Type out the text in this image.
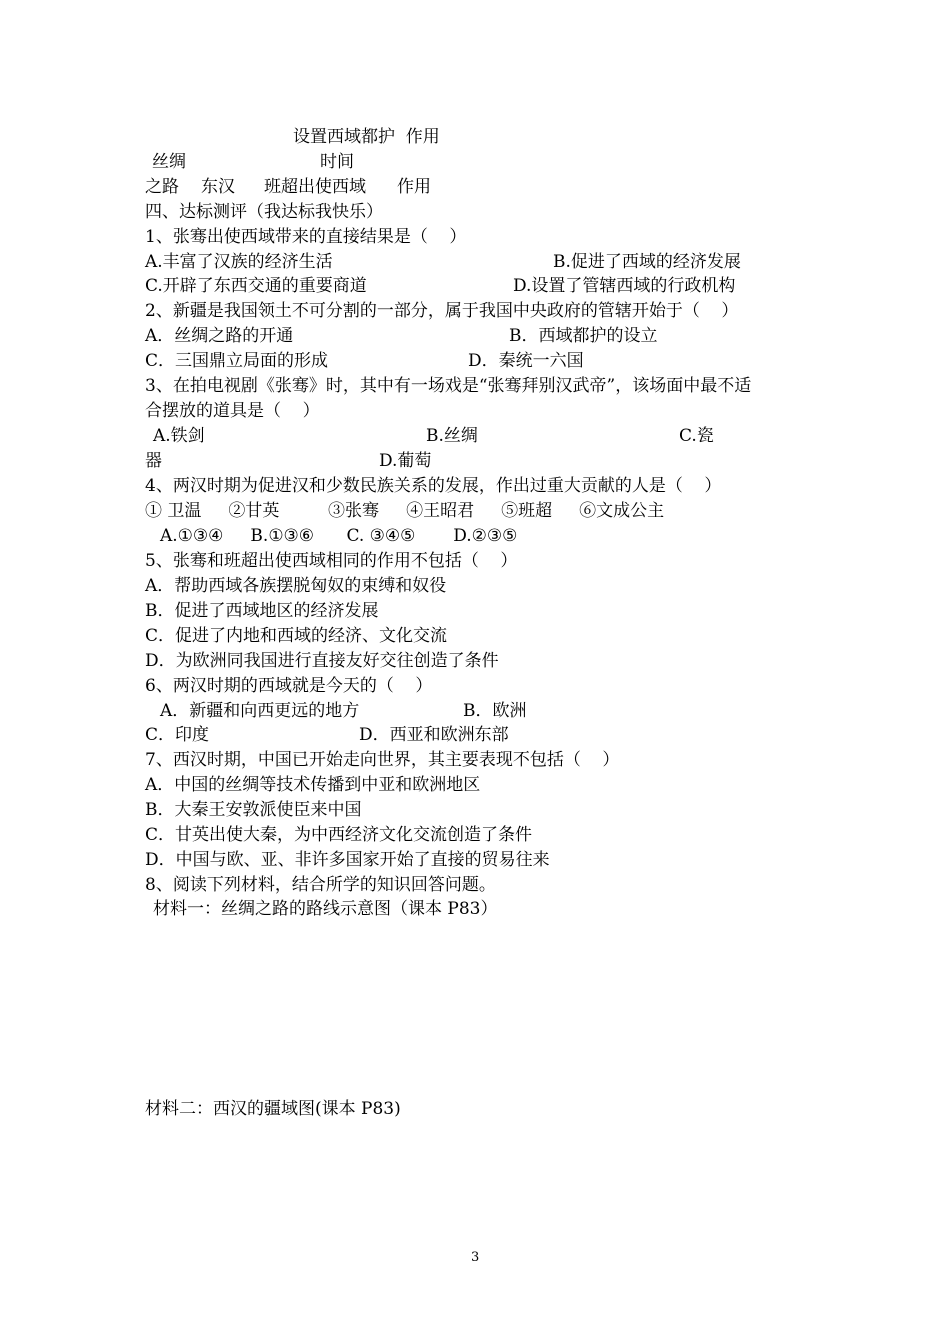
设置西域都护  作用
丝绸	时间
之路 东汉 班超出使西域 作用
四、达标测评（我达标我快乐）
1、张骞出使西域带来的直接结果是（    ）
A.丰富了汉族的经济生活	B.促进了西域的经济发展
C.开辟了东西交通的重要商道	D.设置了管辖西域的行政机构
2、新疆是我国领土不可分割的一部分，属于我国中央政府的管辖开始于（    ）
A．丝绸之路的开通	B．西域都护的设立
C．三国鼎立局面的形成	D．秦统一六国
3、在拍电视剧《张骞》时，其中有一场戏是“张骞拜别汉武帝”，该场面中最不适
合摆放的道具是（    ）
A.铁剑	B.丝绸	C.瓷
器	D.葡萄
4、两汉时期为促进汉和少数民族关系的发展，作出过重大贡献的人是（    ）
① 卫温     ②甘英         ③张骞     ④王昭君     ⑤班超     ⑥文成公主
A.①③④     B.①③⑥      C. ③④⑤       D.②③⑤
5、张骞和班超出使西域相同的作用不包括（    ）
A．帮助西域各族摆脱匈奴的束缚和奴役
B．促进了西域地区的经济发展
C．促进了内地和西域的经济、文化交流
D．为欧洲同我国进行直接友好交往创造了条件
6、两汉时期的西域就是今天的（    ）
A．新疆和向西更远的地方	B．欧洲
C．印度	D．西亚和欧洲东部
7、西汉时期，中国已开始走向世界，其主要表现不包括（    ）
A．中国的丝绸等技术传播到中亚和欧洲地区
B．大秦王安敦派使臣来中国
C．甘英出使大秦，为中西经济文化交流创造了条件
D．中国与欧、亚、非许多国家开始了直接的贸易往来
8、阅读下列材料，结合所学的知识回答问题。
材料一：丝绸之路的路线示意图（课本 P83）
材料二：西汉的疆域图(课本 P83)
3
